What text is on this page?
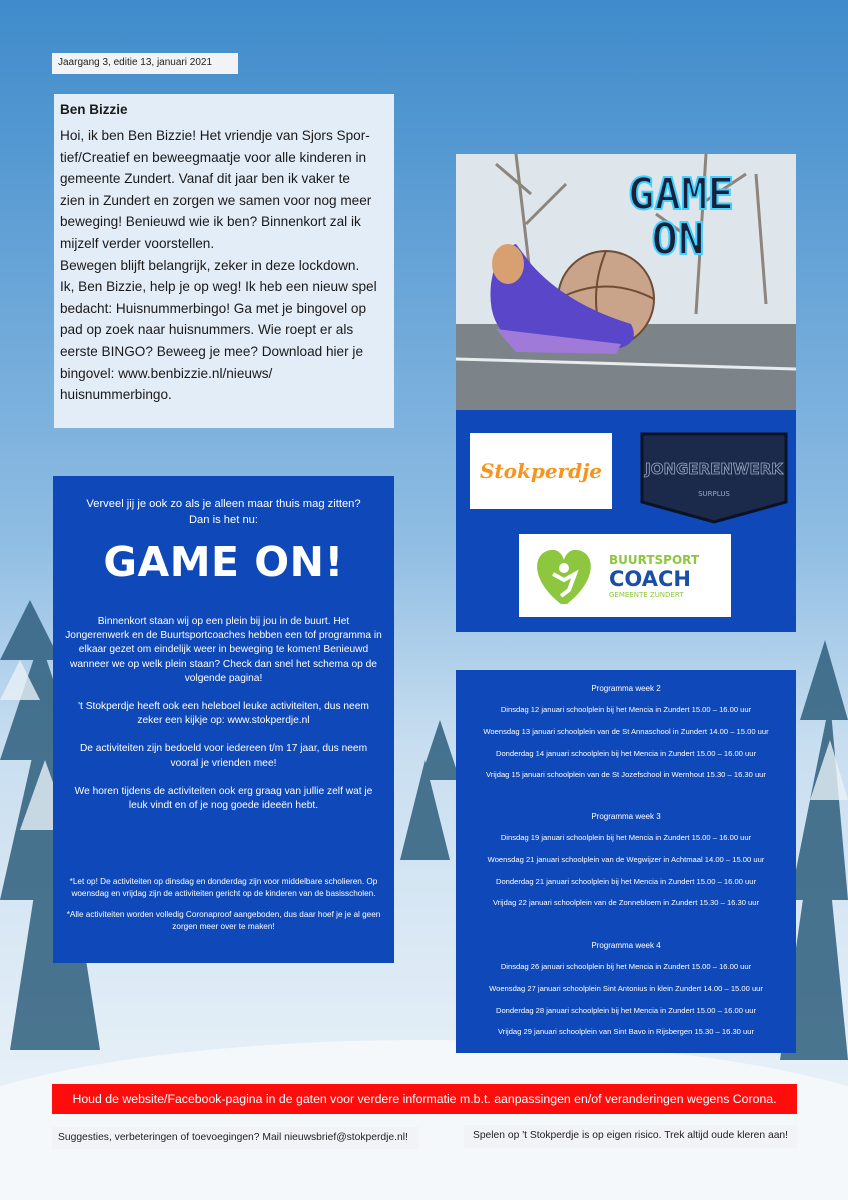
Jaargang 3, editie 13, januari 2021
Ben Bizzie

Hoi, ik ben Ben Bizzie! Het vriendje van Sjors Spor-
tief/Creatief en beweegmaatje voor alle kinderen in
gemeente Zundert. Vanaf dit jaar ben ik vaker te
zien in Zundert en zorgen we samen voor nog meer
beweging! Benieuwd wie ik ben? Binnenkort zal ik
mijzelf verder voorstellen.
Bewegen blijft belangrijk, zeker in deze lockdown.
Ik, Ben Bizzie, help je op weg! Ik heb een nieuw spel
bedacht: Huisnummerbingo! Ga met je bingovel op
pad op zoek naar huisnummers. Wie roept er als
eerste BINGO? Beweeg je mee? Download hier je
bingovel: www.benbizzie.nl/nieuws/
huisnummerbingo.

GAME
ON
Stokperdje	JONGERENWERK
SURPLUS
BUURTSPORT
COACH
GEMEENTE ZUNDERT
Verveel jij je ook zo als je alleen maar thuis mag zitten?
Dan is het nu:
GAME ON!

Binnenkort staan wij op een plein bij jou in de buurt. Het Jongerenwerk en de Buurtsportcoaches hebben een tof programma in elkaar gezet om eindelijk weer in beweging te komen! Benieuwd wanneer we op welk plein staan? Check dan snel het schema op de volgende pagina!

't Stokperdje heeft ook een heleboel leuke activiteiten, dus neem zeker een kijkje op: www.stokperdje.nl

De activiteiten zijn bedoeld voor iedereen t/m 17 jaar, dus neem vooral je vrienden mee!

We horen tijdens de activiteiten ook erg graag van jullie zelf wat je leuk vindt en of je nog goede ideeën hebt.

*Let op! De activiteiten op dinsdag en donderdag zijn voor middelbare scholieren. Op woensdag en vrijdag zijn de activiteiten gericht op de kinderen van de basisscholen.

*Alle activiteiten worden volledig Coronaproof aangeboden, dus daar hoef je je al geen zorgen meer over te maken!

Programma week 2
Dinsdag 12 januari schoolplein bij het Mencia in Zundert 15.00 – 16.00 uur
Woensdag 13 januari schoolplein van de St Annaschool in Zundert 14.00 – 15.00 uur
Donderdag 14 januari schoolplein bij het Mencia in Zundert 15.00 – 16.00 uur
Vrijdag 15 januari schoolplein van de St Jozefschool in Wernhout 15.30 – 16.30 uur
Programma week 3
Dinsdag 19 januari schoolplein bij het Mencia in Zundert 15.00 – 16.00 uur
Woensdag 21 januari schoolplein van de Wegwijzer in Achtmaal 14.00 – 15.00 uur
Donderdag 21 januari schoolplein bij het Mencia in Zundert 15.00 – 16.00 uur
Vrijdag 22 januari schoolplein van de Zonnebloem in Zundert 15.30 – 16.30 uur
Programma week 4
Dinsdag 26 januari schoolplein bij het Mencia in Zundert 15.00 – 16.00 uur
Woensdag 27 januari schoolplein Sint Antonius in klein Zundert 14.00 – 15.00 uur
Donderdag 28 januari schoolplein bij het Mencia in Zundert 15.00 – 16.00 uur
Vrijdag 29 januari schoolplein van Sint Bavo in Rijsbergen 15.30 – 16.30 uur
Houd de website/Facebook-pagina in de gaten voor verdere informatie m.b.t. aanpassingen en/of veranderingen wegens Corona.
Suggesties, verbeteringen of toevoegingen? Mail nieuwsbrief@stokperdje.nl!	Spelen op 't Stokperdje is op eigen risico. Trek altijd oude kleren aan!
